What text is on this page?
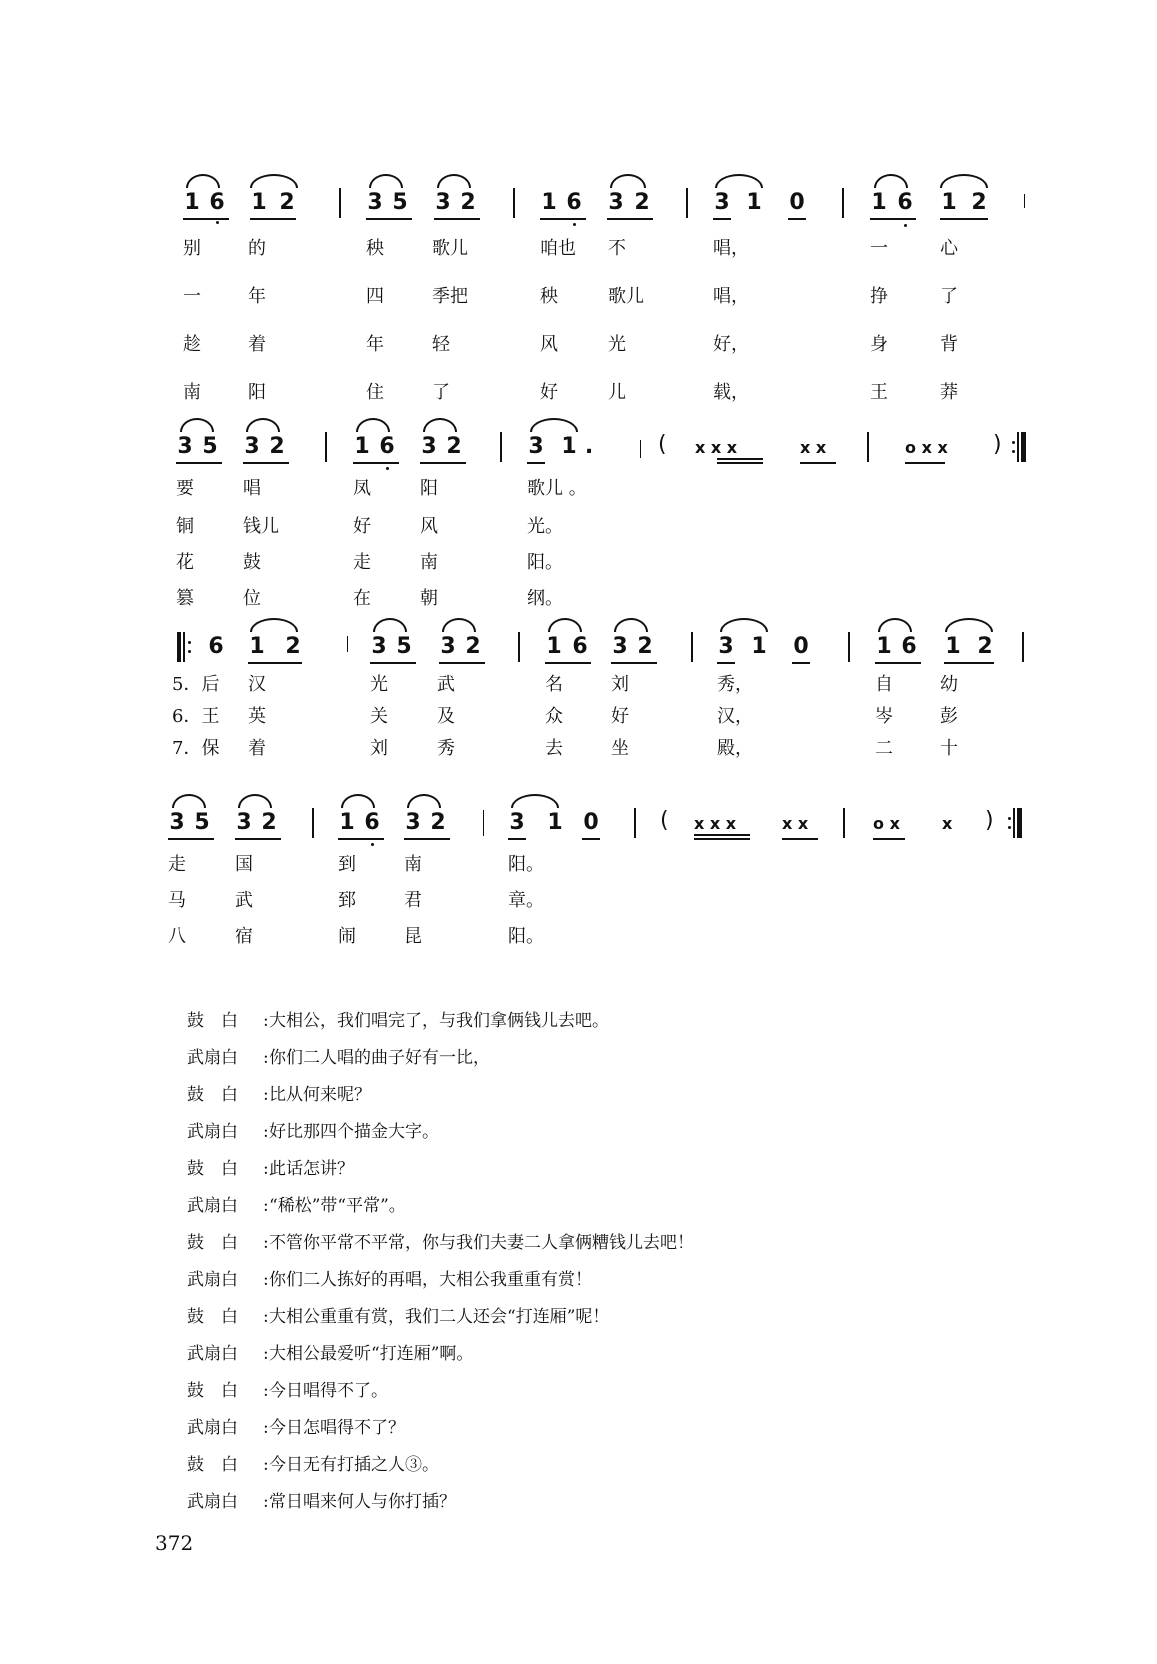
1 6 1 2	3 5 3 2	1 6 3 2	3 1 0	1 6 1 2
别	的	秧	歌儿	咱也 不	唱，	一	心
一	年	四	季把	秧	歌儿	唱，	挣	了
趁	着	年	轻	风	光	好，	身	背
南	阳	住	了	好	儿	载，	王	莽
3 5 3 2	1 6 3 2	3 1 .	( x x x	x x	o x x )
要	唱	凤	阳	歌儿 。
铜	钱儿	好	风	光。
花	鼓	走	南	阳。
篡	位	在	朝	纲。
6 1 2	3 5 3 2	1 6 3 2	3 1 0	1 6 1 2
5．后 汉	光	武	名	刘	秀，	自	幼
6．王 英	关	及	众	好	汉，	岑	彭
7．保 着	刘	秀	去	坐	殿，	二	十
3 5 3 2	1 6 3 2	3 1 0	( x x x	x x	o x	x )
走	国	到	南	阳。
马	武	郅	君	章。
八	宿	闹	昆	阳。
鼓　白 :大相公，我们唱完了，与我们拿俩钱儿去吧。
武扇白 :你们二人唱的曲子好有一比，
鼓　白 :比从何来呢？
武扇白 :好比那四个描金大字。
鼓　白 :此话怎讲？
武扇白 :“稀松”带“平常”。
鼓　白 :不管你平常不平常，你与我们夫妻二人拿俩糟钱儿去吧！
武扇白 :你们二人拣好的再唱，大相公我重重有赏！
鼓　白 :大相公重重有赏，我们二人还会“打连厢”呢！
武扇白 :大相公最爱听“打连厢”啊。
鼓　白 :今日唱得不了。
武扇白 :今日怎唱得不了？
鼓　白 :今日无有打插之人③。
武扇白 :常日唱来何人与你打插？
372
